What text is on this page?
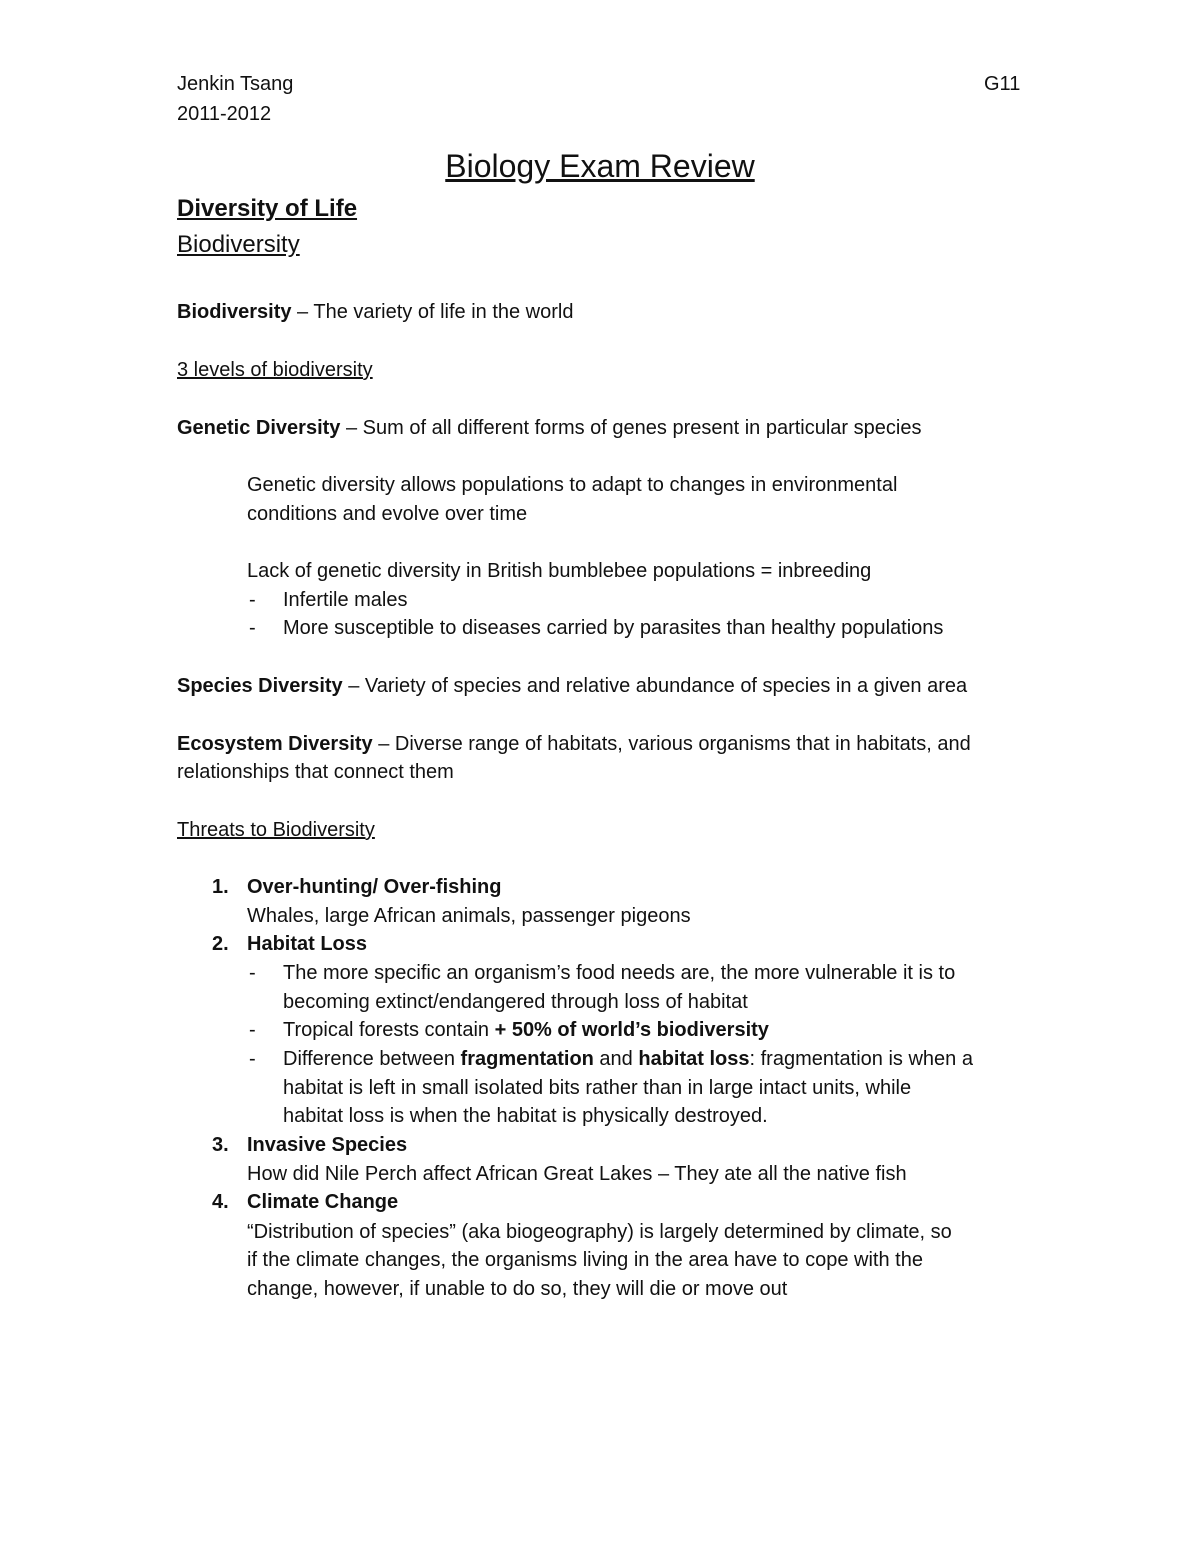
Jenkin Tsang	G11
2011-2012
Biology Exam Review
Diversity of Life
Biodiversity
Biodiversity – The variety of life in the world
3 levels of biodiversity
Genetic Diversity – Sum of all different forms of genes present in particular species
Genetic diversity allows populations to adapt to changes in environmental
conditions and evolve over time
Lack of genetic diversity in British bumblebee populations = inbreeding
- Infertile males
- More susceptible to diseases carried by parasites than healthy populations
Species Diversity – Variety of species and relative abundance of species in a given area
Ecosystem Diversity – Diverse range of habitats, various organisms that in habitats, and
relationships that connect them
Threats to Biodiversity
1. Over-hunting/ Over-fishing
Whales, large African animals, passenger pigeons
2. Habitat Loss
- The more specific an organism’s food needs are, the more vulnerable it is to
becoming extinct/endangered through loss of habitat
- Tropical forests contain + 50% of world’s biodiversity
- Difference between fragmentation and habitat loss: fragmentation is when a
habitat is left in small isolated bits rather than in large intact units, while
habitat loss is when the habitat is physically destroyed.
3. Invasive Species
How did Nile Perch affect African Great Lakes – They ate all the native fish
4. Climate Change
“Distribution of species” (aka biogeography) is largely determined by climate, so
if the climate changes, the organisms living in the area have to cope with the
change, however, if unable to do so, they will die or move out
